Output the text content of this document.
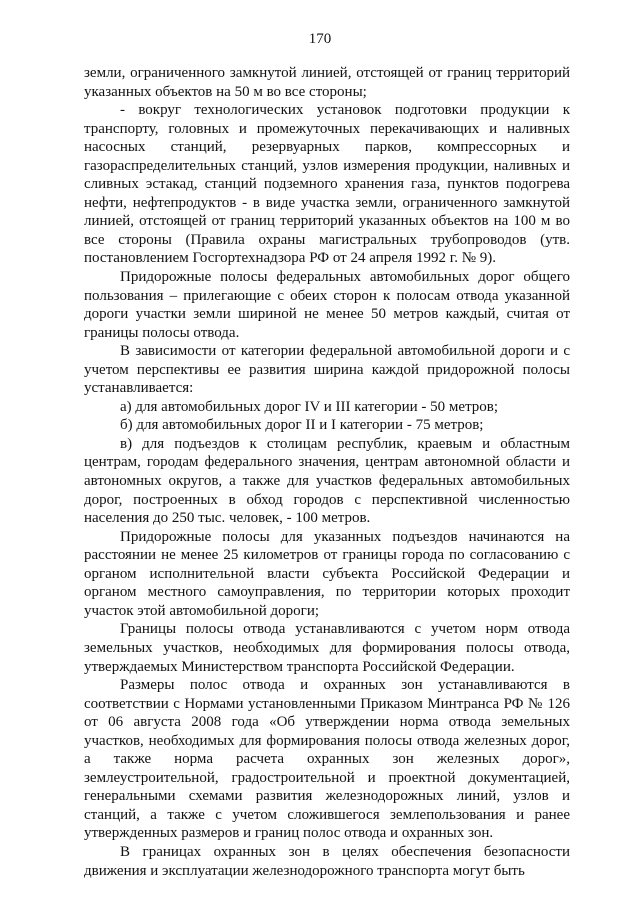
170

земли, ограниченного замкнутой линией, отстоящей от границ территорий указанных объектов на 50 м во все стороны;

- вокруг технологических установок подготовки продукции к транспорту, головных и промежуточных перекачивающих и наливных насосных станций, резервуарных парков, компрессорных и газораспределительных станций, узлов измерения продукции, наливных и сливных эстакад, станций подземного хранения газа, пунктов подогрева нефти, нефтепродуктов - в виде участка земли, ограниченного замкнутой линией, отстоящей от границ территорий указанных объектов на 100 м во все стороны (Правила охраны магистральных трубопроводов (утв. постановлением Госгортехнадзора РФ от 24 апреля 1992 г. № 9).

Придорожные полосы федеральных автомобильных дорог общего пользования – прилегающие с обеих сторон к полосам отвода указанной дороги участки земли шириной не менее 50 метров каждый, считая от границы полосы отвода.

В зависимости от категории федеральной автомобильной дороги и с учетом перспективы ее развития ширина каждой придорожной полосы устанавливается:

а) для автомобильных дорог IV и III категории - 50 метров;

б) для автомобильных дорог II и I категории - 75 метров;

в) для подъездов к столицам республик, краевым и областным центрам, городам федерального значения, центрам автономной области и автономных округов, а также для участков федеральных автомобильных дорог, построенных в обход городов с перспективной численностью населения до 250 тыс. человек, - 100 метров.

Придорожные полосы для указанных подъездов начинаются на расстоянии не менее 25 километров от границы города по согласованию с органом исполнительной власти субъекта Российской Федерации и органом местного самоуправления, по территории которых проходит участок этой автомобильной дороги;

Границы полосы отвода устанавливаются с учетом норм отвода земельных участков, необходимых для формирования полосы отвода, утверждаемых Министерством транспорта Российской Федерации.

Размеры полос отвода и охранных зон устанавливаются в соответствии с Нормами установленными Приказом Минтранса РФ № 126 от 06 августа 2008 года «Об утверждении норма отвода земельных участков, необходимых для формирования полосы отвода железных дорог, а также норма расчета охранных зон железных дорог», землеустроительной, градостроительной и проектной документацией, генеральными схемами развития железнодорожных линий, узлов и станций, а также с учетом сложившегося землепользования и ранее утвержденных размеров и границ полос отвода и охранных зон.

В границах охранных зон в целях обеспечения безопасности движения и эксплуатации железнодорожного транспорта могут быть
